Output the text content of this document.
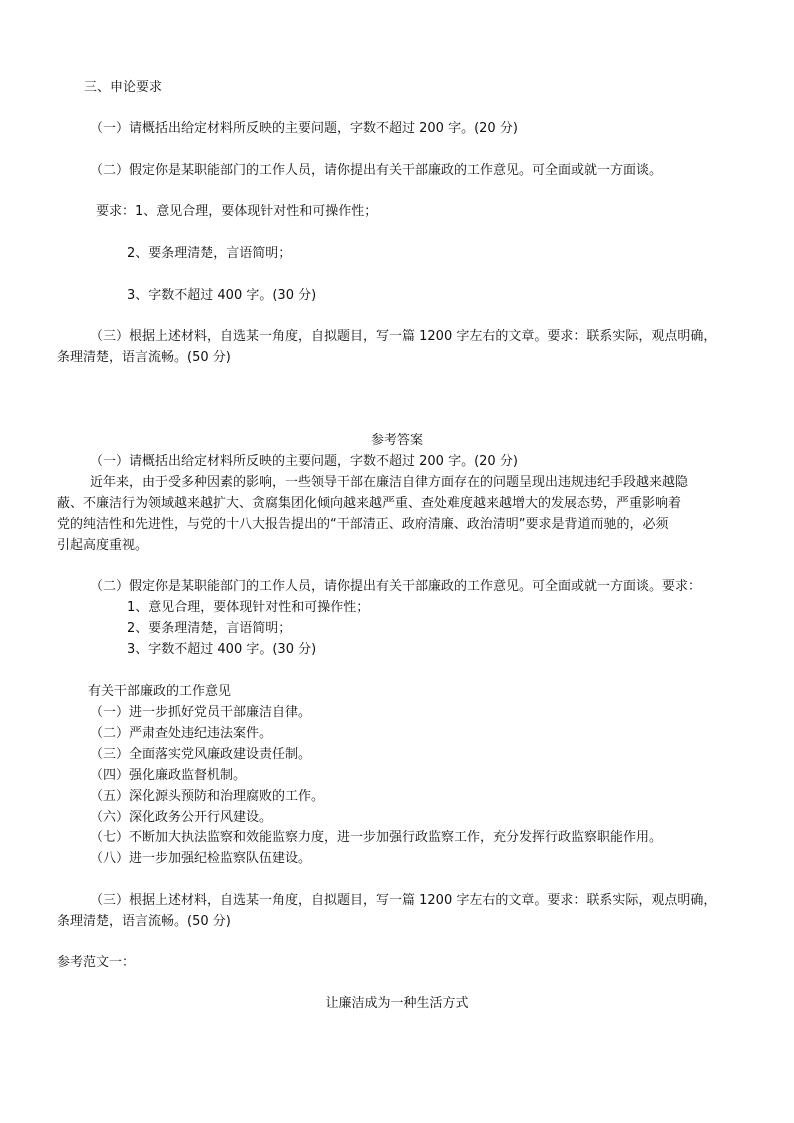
三、申论要求
（一）请概括出给定材料所反映的主要问题，字数不超过 200 字。(20 分)
（二）假定你是某职能部门的工作人员，请你提出有关干部廉政的工作意见。可全面或就一方面谈。
要求：1、意见合理，要体现针对性和可操作性；
2、要条理清楚，言语简明；
3、字数不超过 400 字。(30 分)
（三）根据上述材料，自选某一角度，自拟题目，写一篇 1200 字左右的文章。要求：联系实际，观点明确，
条理清楚，语言流畅。(50 分)
参考答案
（一）请概括出给定材料所反映的主要问题，字数不超过 200 字。(20 分)
近年来，由于受多种因素的影响，一些领导干部在廉洁自律方面存在的问题呈现出违规违纪手段越来越隐
蔽、不廉洁行为领域越来越扩大、贪腐集团化倾向越来越严重、查处难度越来越增大的发展态势，严重影响着
党的纯洁性和先进性，与党的十八大报告提出的“干部清正、政府清廉、政治清明”要求是背道而驰的，必须
引起高度重视。
（二）假定你是某职能部门的工作人员，请你提出有关干部廉政的工作意见。可全面或就一方面谈。要求：
1、意见合理，要体现针对性和可操作性；
2、要条理清楚，言语简明；
3、字数不超过 400 字。(30 分)
有关干部廉政的工作意见
（一）进一步抓好党员干部廉洁自律。
（二）严肃查处违纪违法案件。
（三）全面落实党风廉政建设责任制。
（四）强化廉政监督机制。
（五）深化源头预防和治理腐败的工作。
（六）深化政务公开行风建设。
（七）不断加大执法监察和效能监察力度，进一步加强行政监察工作，充分发挥行政监察职能作用。
（八）进一步加强纪检监察队伍建设。
（三）根据上述材料，自选某一角度，自拟题目，写一篇 1200 字左右的文章。要求：联系实际，观点明确，
条理清楚，语言流畅。(50 分)
参考范文一：
让廉洁成为一种生活方式
